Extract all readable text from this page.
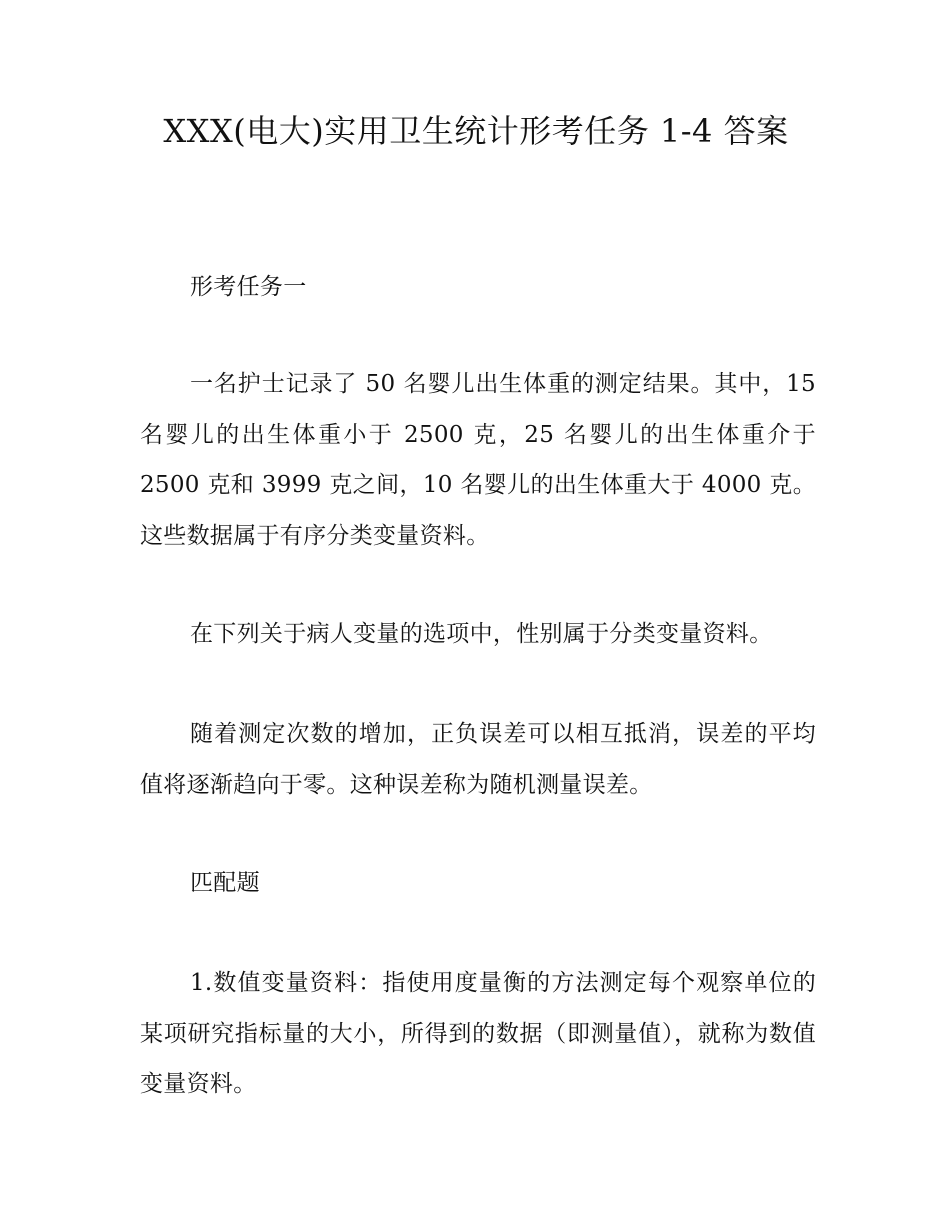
XXX(电大)实用卫生统计形考任务 1-4 答案
形考任务一
一名护士记录了 50 名婴儿出生体重的测定结果。其中，15 名婴儿的出生体重小于 2500 克，25 名婴儿的出生体重介于 2500 克和 3999 克之间，10 名婴儿的出生体重大于 4000 克。这些数据属于有序分类变量资料。
在下列关于病人变量的选项中，性别属于分类变量资料。
随着测定次数的增加，正负误差可以相互抵消，误差的平均值将逐渐趋向于零。这种误差称为随机测量误差。
匹配题
1.数值变量资料：指使用度量衡的方法测定每个观察单位的某项研究指标量的大小，所得到的数据（即测量值），就称为数值变量资料。
